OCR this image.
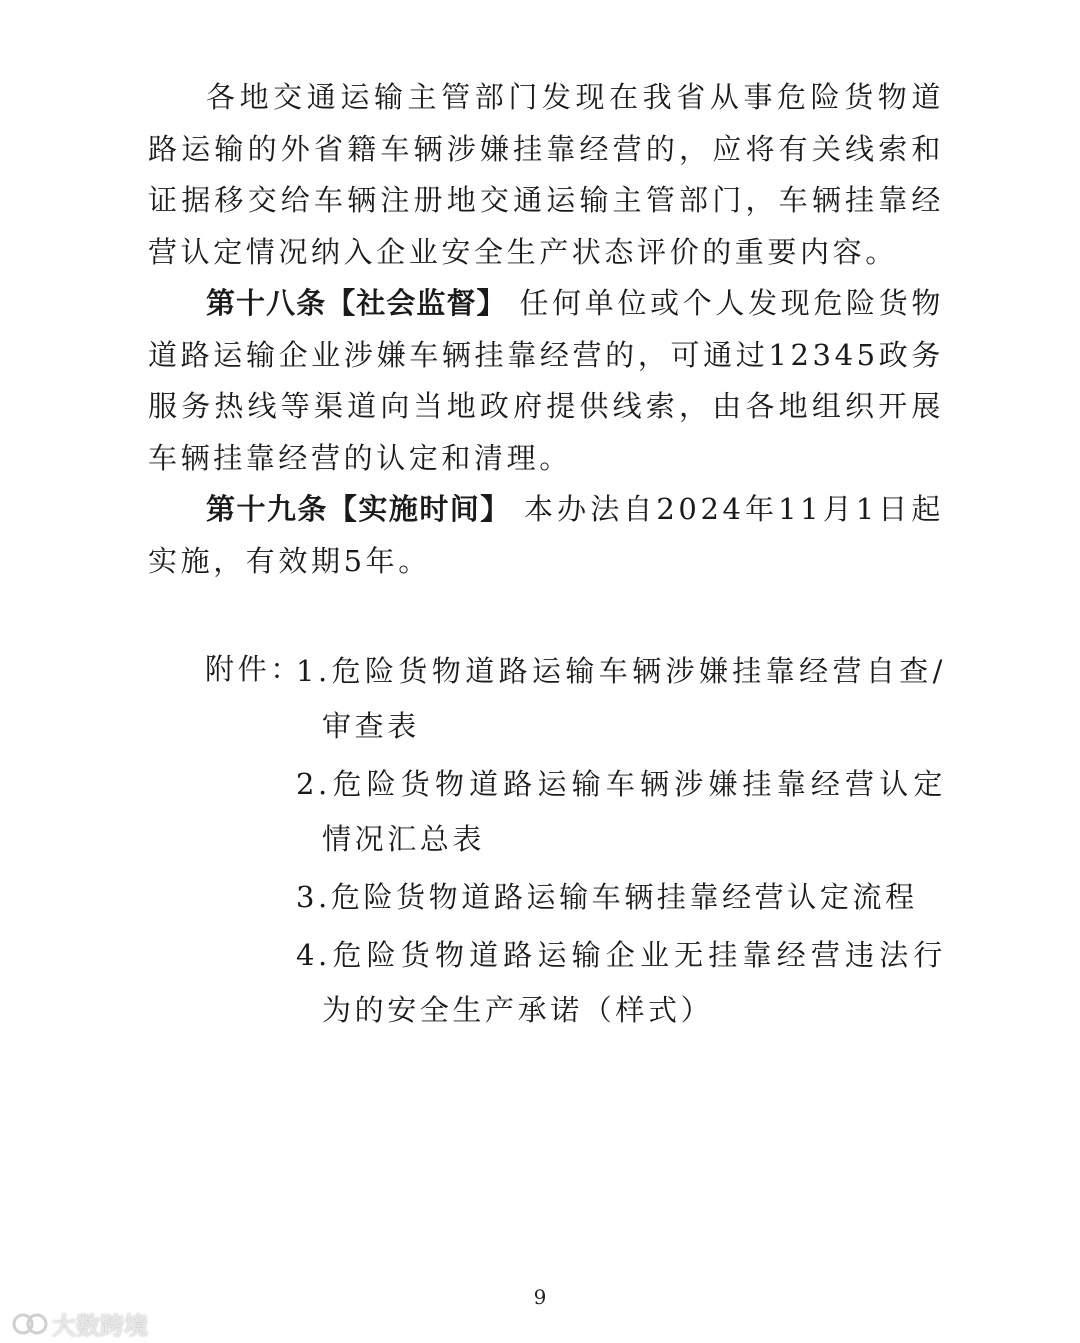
各地交通运输主管部门发现在我省从事危险货物道路运输的外省籍车辆涉嫌挂靠经营的，应将有关线索和证据移交给车辆注册地交通运输主管部门，车辆挂靠经营认定情况纳入企业安全生产状态评价的重要内容。

第十八条【社会监督】 任何单位或个人发现危险货物道路运输企业涉嫌车辆挂靠经营的，可通过12345政务服务热线等渠道向当地政府提供线索，由各地组织开展车辆挂靠经营的认定和清理。

第十九条【实施时间】 本办法自2024年11月1日起实施，有效期5年。

附件：
1.危险货物道路运输车辆涉嫌挂靠经营自查/审查表
2.危险货物道路运输车辆涉嫌挂靠经营认定情况汇总表
3.危险货物道路运输车辆挂靠经营认定流程
4.危险货物道路运输企业无挂靠经营违法行为的安全生产承诺（样式）
9
大数跨境
